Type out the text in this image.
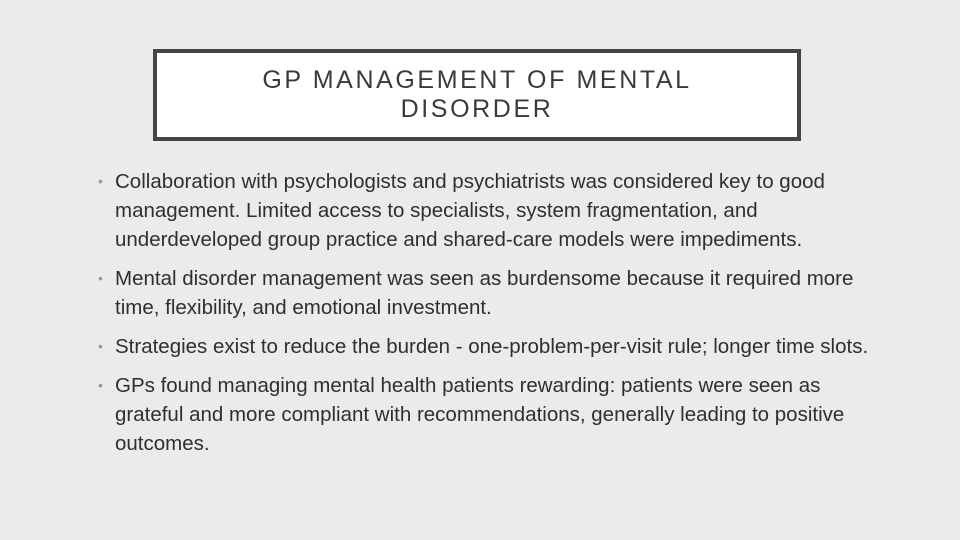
GP MANAGEMENT OF MENTAL DISORDER
• Collaboration with psychologists and psychiatrists was considered key to good management. Limited access to specialists, system fragmentation, and underdeveloped group practice and shared-care models were impediments.
• Mental disorder management was seen as burdensome because it required more time, flexibility, and emotional investment.
• Strategies exist to reduce the burden - one-problem-per-visit rule; longer time slots.
• GPs found managing mental health patients rewarding: patients were seen as grateful and more compliant with recommendations, generally leading to positive outcomes.
